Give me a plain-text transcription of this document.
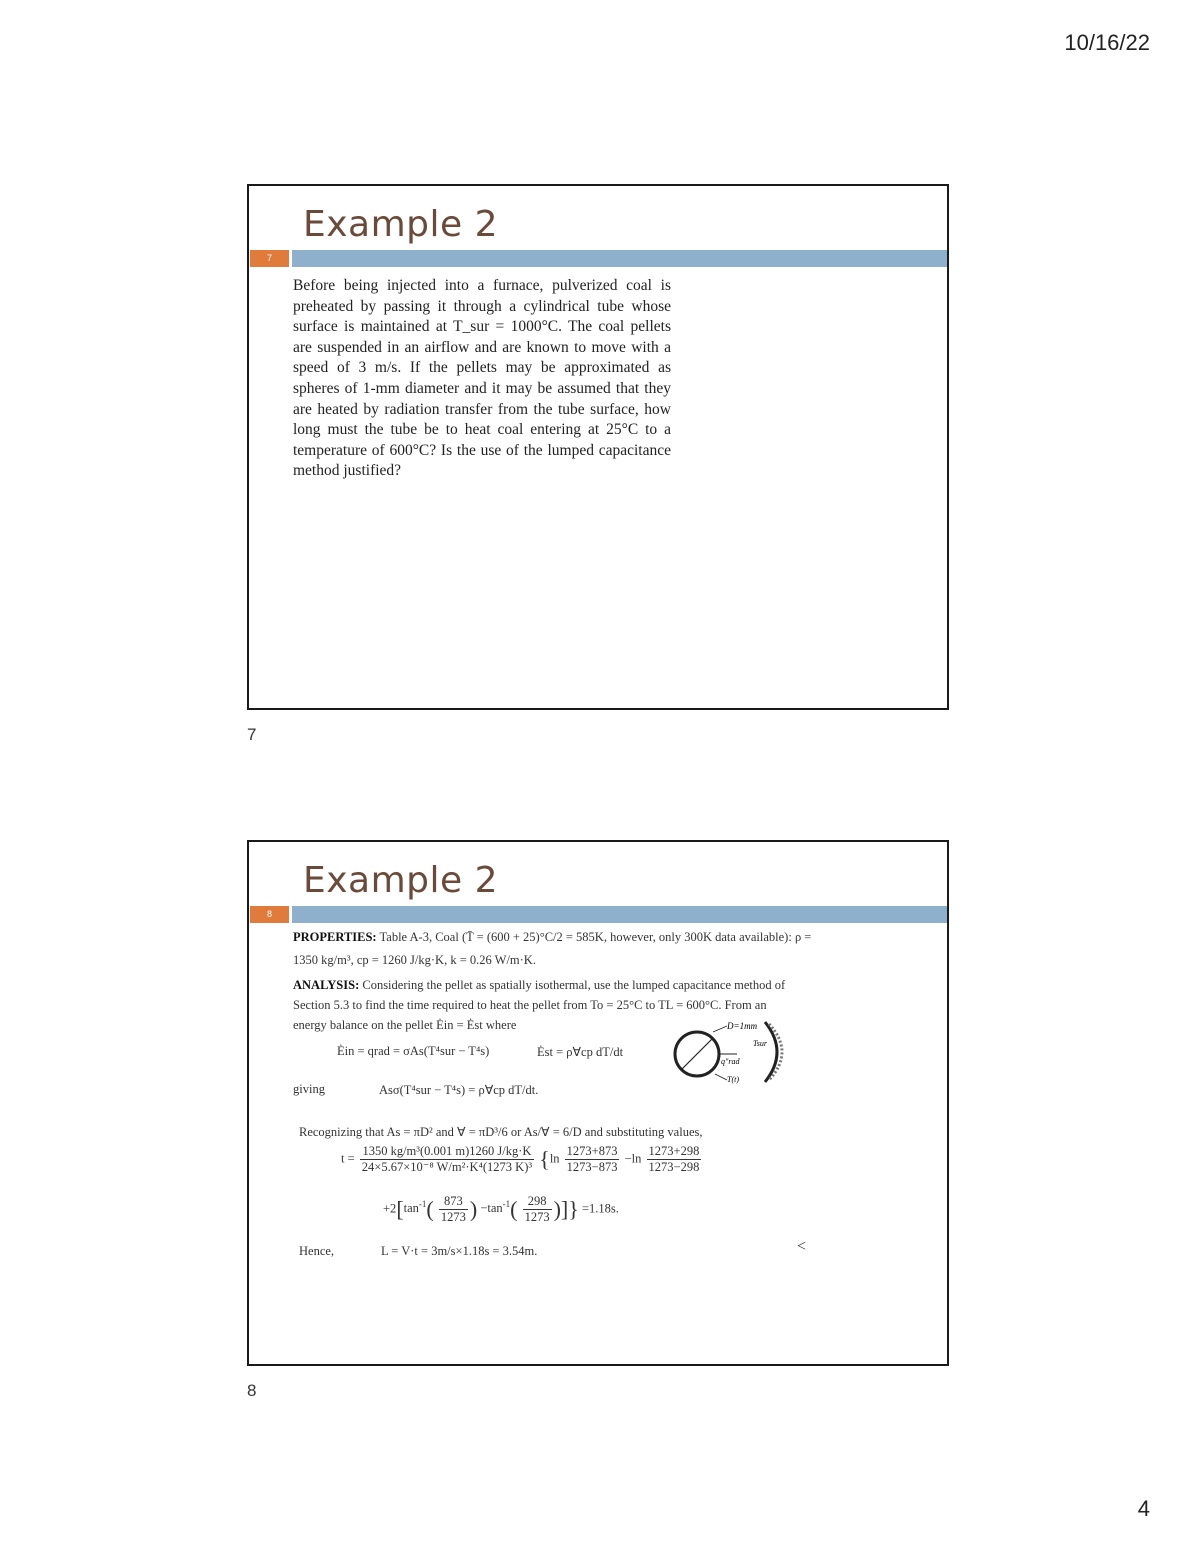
10/16/22
Example 2
7
Before being injected into a furnace, pulverized coal is preheated by passing it through a cylindrical tube whose surface is maintained at T_sur = 1000°C. The coal pellets are suspended in an airflow and are known to move with a speed of 3 m/s. If the pellets may be approximated as spheres of 1-mm diameter and it may be assumed that they are heated by radiation transfer from the tube surface, how long must the tube be to heat coal entering at 25°C to a temperature of 600°C? Is the use of the lumped capacitance method justified?
7
Example 2
8
PROPERTIES: Table A-3, Coal (T̄ = (600 + 25)°C/2 = 585K, however, only 300K data available): ρ =
1350 kg/m³, cp = 1260 J/kg·K, k = 0.26 W/m·K.
ANALYSIS: Considering the pellet as spatially isothermal, use the lumped capacitance method of
Section 5.3 to find the time required to heat the pellet from To = 25°C to TL = 600°C. From an
energy balance on the pellet Ėin = Ėst where
Ėin = qrad = σAs(T⁴sur − T⁴s)	Ėst = ρ∀cp dT/dt
giving	Asσ(T⁴sur − T⁴s) = ρ∀cp dT/dt.
D=1mm
Tsur
q″rad
T(t)
Recognizing that As = πD² and ∀ = πD³/6 or As/∀ = 6/D and substituting values,
$t = \frac{\text{1350 kg/m³(0.001 m)1260 J/kg·K}}{\text{24×5.67×10⁻⁸ W/m²·K⁴(1273 K)³}} \{\ln \frac{1273+873}{1273-873} -\ln \frac{1273+298}{1273-298}$
$+2[\tan^{-1}( \frac{873}{1273}$ ) $-\tan^{-1}( \frac{298}{1273}$ )]} =1.18s.
Hence,	L = V·t = 3m/s×1.18s = 3.54m.	<
8
4
